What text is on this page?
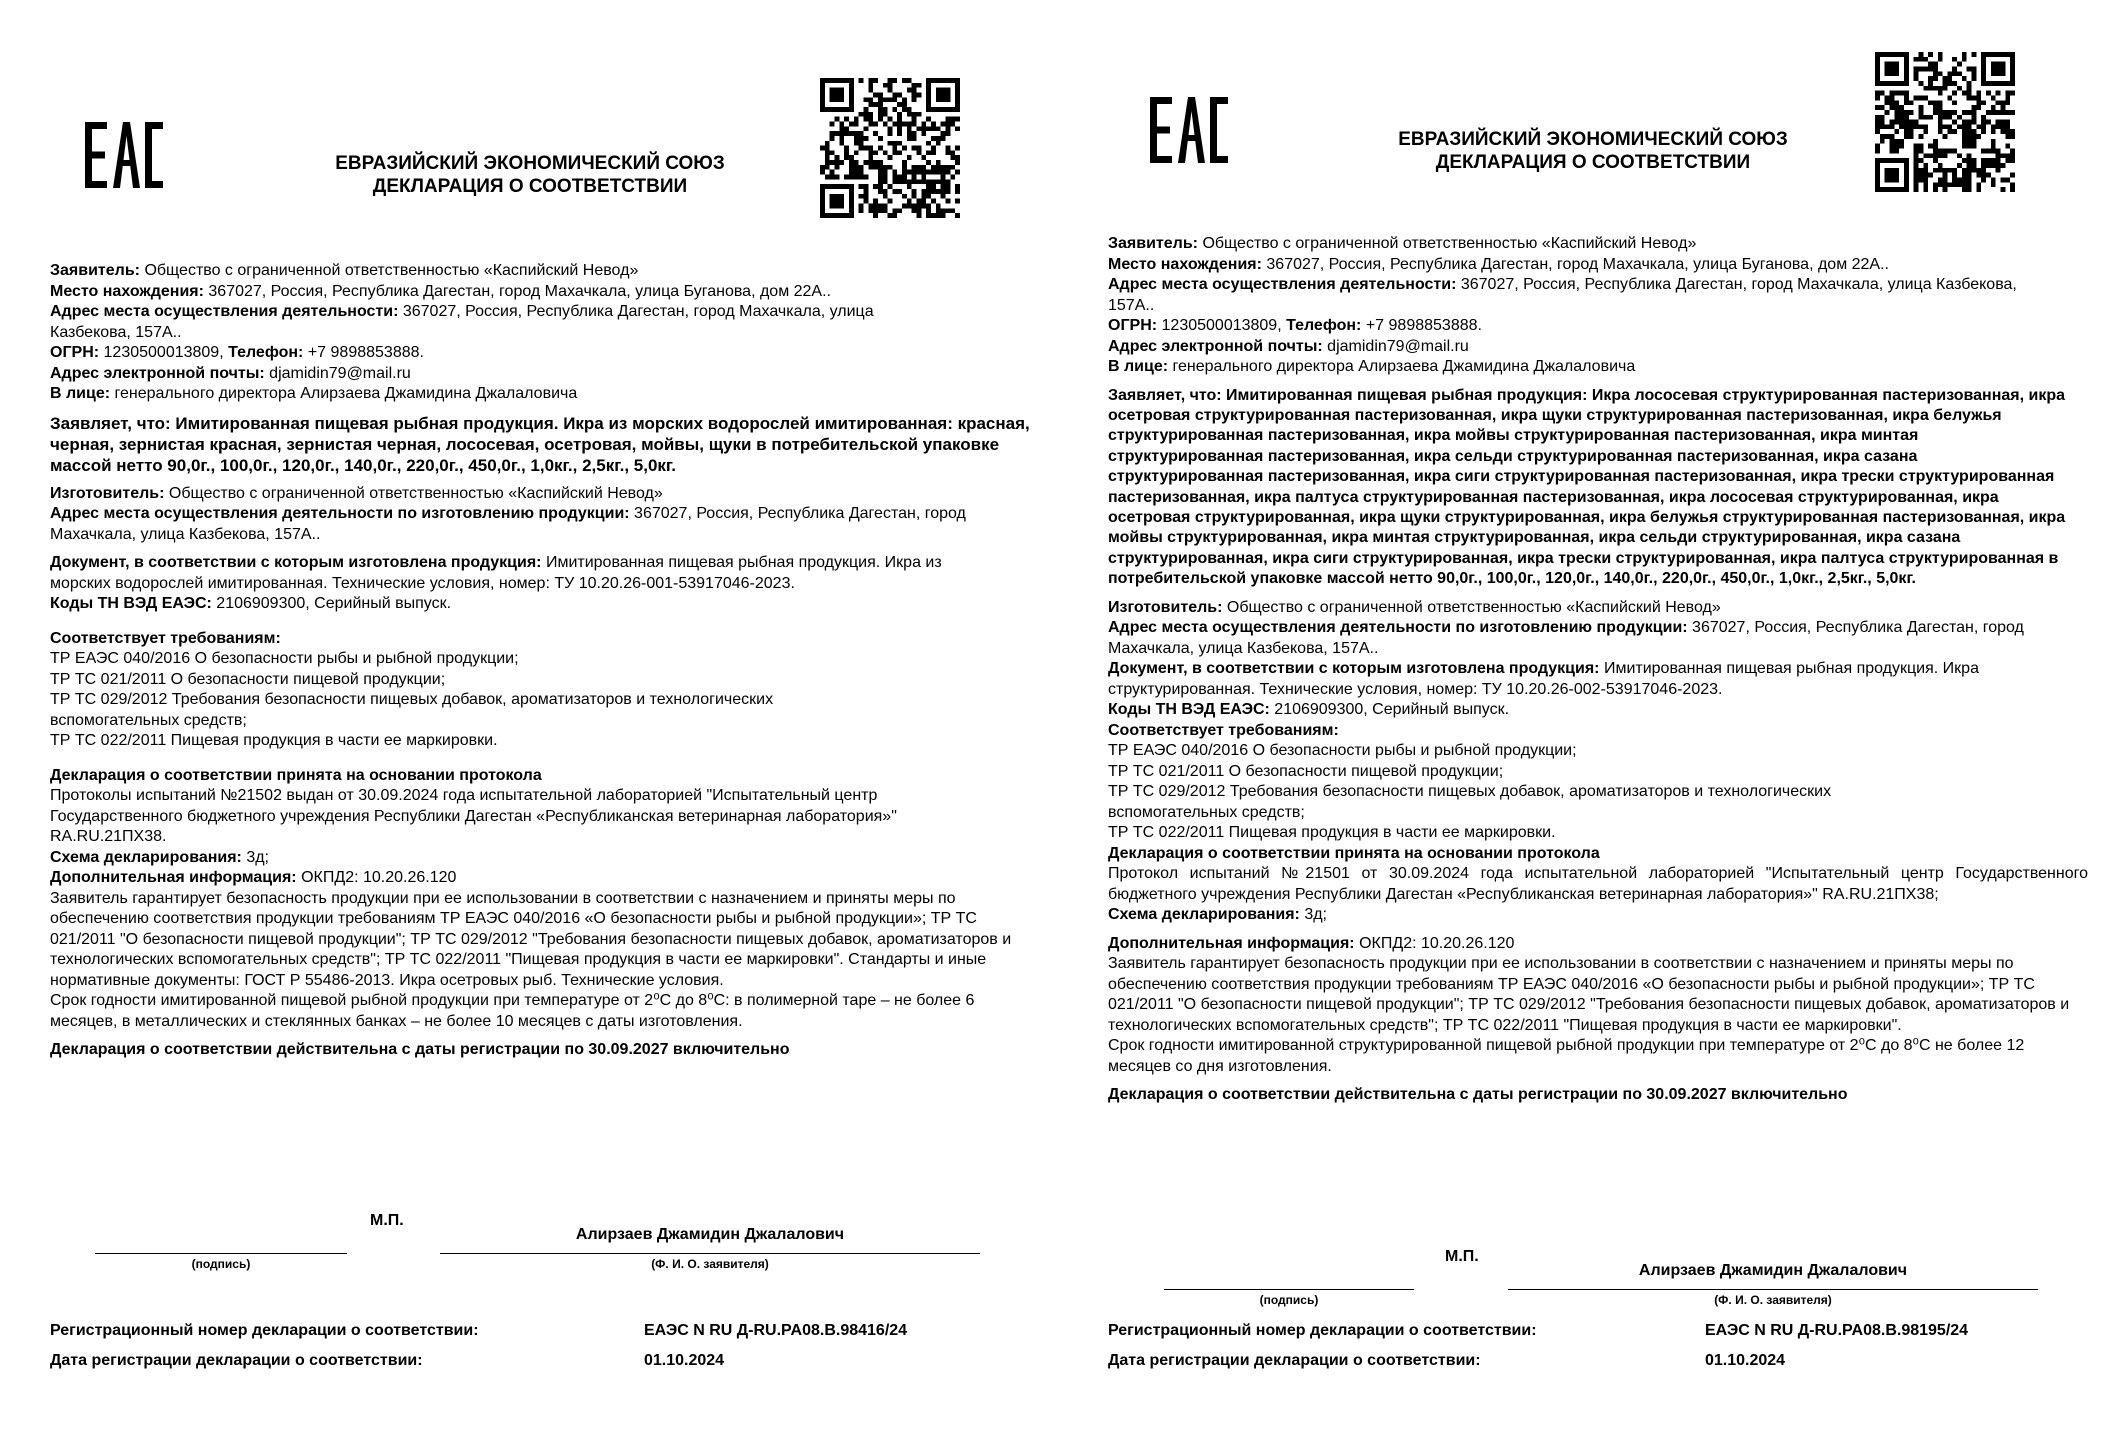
ЕВРАЗИЙСКИЙ ЭКОНОМИЧЕСКИЙ СОЮЗ
ДЕКЛАРАЦИЯ О СООТВЕТСТВИИ

Заявитель: Общество с ограниченной ответственностью «Каспийский Невод»

Место нахождения: 367027, Россия, Республика Дагестан, город Махачкала, улица Буганова, дом 22А..

Адрес места осуществления деятельности: 367027, Россия, Республика Дагестан, город Махачкала, улица Казбекова, 157А..

ОГРН: 1230500013809, Телефон: +7 9898853888.

Адрес электронной почты: djamidin79@mail.ru

В лице: генерального директора Алирзаева Джамидина Джалаловича

Заявляет, что: Имитированная пищевая рыбная продукция. Икра из морских водорослей имитированная: красная, черная, зернистая красная, зернистая черная, лососевая, осетровая, мойвы, щуки в потребительской упаковке массой нетто 90,0г., 100,0г., 120,0г., 140,0г., 220,0г., 450,0г., 1,0кг., 2,5кг., 5,0кг.

Изготовитель: Общество с ограниченной ответственностью «Каспийский Невод»

Адрес места осуществления деятельности по изготовлению продукции: 367027, Россия, Республика Дагестан, город Махачкала, улица Казбекова, 157А..

Документ, в соответствии с которым изготовлена продукция: Имитированная пищевая рыбная продукция. Икра из морских водорослей имитированная. Технические условия, номер: ТУ 10.20.26-001-53917046-2023.

Коды ТН ВЭД ЕАЭС: 2106909300, Серийный выпуск.

Соответствует требованиям:

ТР ЕАЭС 040/2016 О безопасности рыбы и рыбной продукции;

ТР ТС 021/2011 О безопасности пищевой продукции;

ТР ТС 029/2012 Требования безопасности пищевых добавок, ароматизаторов и технологических вспомогательных средств;

ТР ТС 022/2011 Пищевая продукция в части ее маркировки.

Декларация о соответствии принята на основании протокола

Протоколы испытаний №21502 выдан от 30.09.2024 года испытательной лабораторией "Испытательный центр Государственного бюджетного учреждения Республики Дагестан «Республиканская ветеринарная лаборатория»" RA.RU.21ПХ38.

Схема декларирования: 3д;

Дополнительная информация: ОКПД2: 10.20.26.120

Заявитель гарантирует безопасность продукции при ее использовании в соответствии с назначением и приняты меры по обеспечению соответствия продукции требованиям ТР ЕАЭС 040/2016 «О безопасности рыбы и рыбной продукции»; ТР ТС 021/2011 "О безопасности пищевой продукции"; ТР ТС 029/2012 "Требования безопасности пищевых добавок, ароматизаторов и технологических вспомогательных средств"; ТР ТС 022/2011 "Пищевая продукция в части ее маркировки". Стандарты и иные нормативные документы: ГОСТ Р 55486-2013. Икра осетровых рыб. Технические условия.

Срок годности имитированной пищевой рыбной продукции при температуре от 2⁰С до 8⁰С: в полимерной таре – не более 6 месяцев, в металлических и стеклянных банках – не более 10 месяцев с даты изготовления.

Декларация о соответствии действительна с даты регистрации по 30.09.2027 включительно

М.П.
Алирзаев Джамидин Джалалович
(подпись)	(Ф. И. О. заявителя)
Регистрационный номер декларации о соответствии:	ЕАЭС N RU Д-RU.PA08.B.98416/24
Дата регистрации декларации о соответствии:	01.10.2024
ЕВРАЗИЙСКИЙ ЭКОНОМИЧЕСКИЙ СОЮЗ
ДЕКЛАРАЦИЯ О СООТВЕТСТВИИ

Заявитель: Общество с ограниченной ответственностью «Каспийский Невод»

Место нахождения: 367027, Россия, Республика Дагестан, город Махачкала, улица Буганова, дом 22А..

Адрес места осуществления деятельности: 367027, Россия, Республика Дагестан, город Махачкала, улица Казбекова, 157А..

ОГРН: 1230500013809, Телефон: +7 9898853888.

Адрес электронной почты: djamidin79@mail.ru

В лице: генерального директора Алирзаева Джамидина Джалаловича

Заявляет, что: Имитированная пищевая рыбная продукция: Икра лососевая структурированная пастеризованная, икра осетровая структурированная пастеризованная, икра щуки структурированная пастеризованная, икра белужья структурированная пастеризованная, икра мойвы структурированная пастеризованная, икра минтая структурированная пастеризованная, икра сельди структурированная пастеризованная, икра сазана структурированная пастеризованная, икра сиги структурированная пастеризованная, икра трески структурированная пастеризованная, икра палтуса структурированная пастеризованная, икра лососевая структурированная, икра осетровая структурированная, икра щуки структурированная, икра белужья структурированная пастеризованная, икра мойвы структурированная, икра минтая структурированная, икра сельди структурированная, икра сазана структурированная, икра сиги структурированная, икра трески структурированная, икра палтуса структурированная в потребительской упаковке массой нетто 90,0г., 100,0г., 120,0г., 140,0г., 220,0г., 450,0г., 1,0кг., 2,5кг., 5,0кг.

Изготовитель: Общество с ограниченной ответственностью «Каспийский Невод»

Адрес места осуществления деятельности по изготовлению продукции: 367027, Россия, Республика Дагестан, город Махачкала, улица Казбекова, 157А..

Документ, в соответствии с которым изготовлена продукция: Имитированная пищевая рыбная продукция. Икра структурированная. Технические условия, номер: ТУ 10.20.26-002-53917046-2023.

Коды ТН ВЭД ЕАЭС: 2106909300, Серийный выпуск.

Соответствует требованиям:

ТР ЕАЭС 040/2016 О безопасности рыбы и рыбной продукции;

ТР ТС 021/2011 О безопасности пищевой продукции;

ТР ТС 029/2012 Требования безопасности пищевых добавок, ароматизаторов и технологических вспомогательных средств;

ТР ТС 022/2011 Пищевая продукция в части ее маркировки.

Декларация о соответствии принята на основании протокола

Протокол испытаний №21501 от 30.09.2024 года испытательной лабораторией "Испытательный центр Государственного бюджетного учреждения Республики Дагестан «Республиканская ветеринарная лаборатория»" RA.RU.21ПХ38;

Схема декларирования: 3д;

Дополнительная информация: ОКПД2: 10.20.26.120

Заявитель гарантирует безопасность продукции при ее использовании в соответствии с назначением и приняты меры по обеспечению соответствия продукции требованиям ТР ЕАЭС 040/2016 «О безопасности рыбы и рыбной продукции»; ТР ТС 021/2011 "О безопасности пищевой продукции"; ТР ТС 029/2012 "Требования безопасности пищевых добавок, ароматизаторов и технологических вспомогательных средств"; ТР ТС 022/2011 "Пищевая продукция в части ее маркировки".

Срок годности имитированной структурированной пищевой рыбной продукции при температуре от 2⁰С до 8⁰С не более 12 месяцев со дня изготовления.

Декларация о соответствии действительна с даты регистрации по 30.09.2027 включительно

М.П.
Алирзаев Джамидин Джалалович
(подпись)	(Ф. И. О. заявителя)
Регистрационный номер декларации о соответствии:	ЕАЭС N RU Д-RU.PA08.B.98195/24
Дата регистрации декларации о соответствии:	01.10.2024
